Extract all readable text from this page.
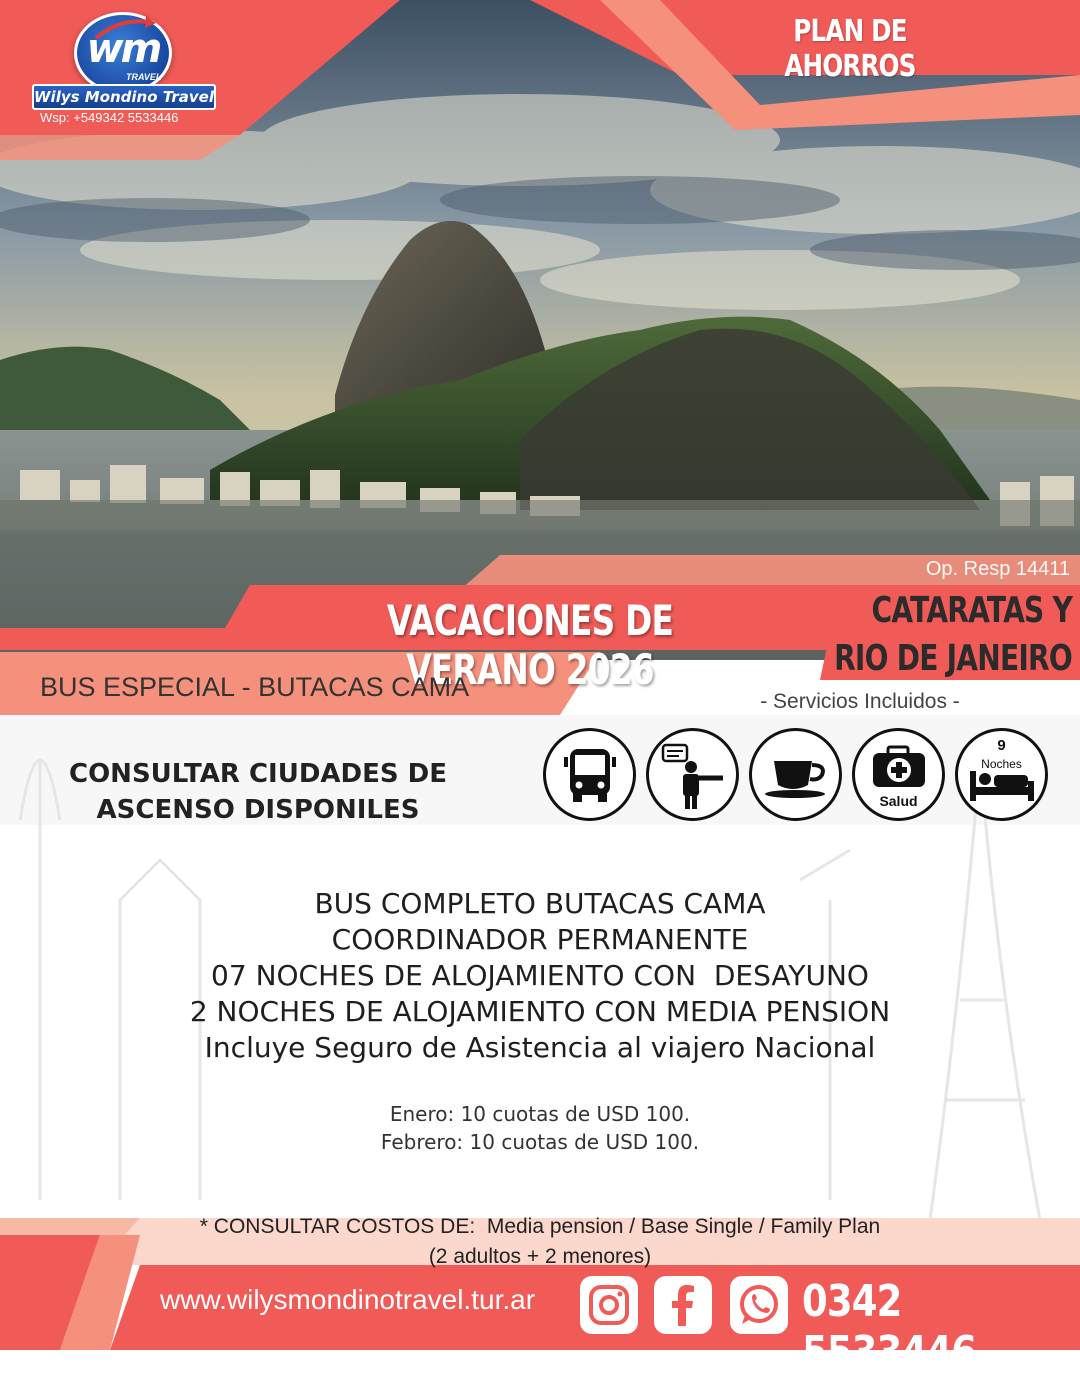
wm
TRAVEL
Wilys Mondino Travel
Wsp: +549342 5533446
PLAN DE AHORROS
Op. Resp 14411
VACACIONES DE VERANO 2026
CATARATAS Y
RIO DE JANEIRO
BUS ESPECIAL - BUTACAS CAMA	- Servicios Incluidos -
CONSULTAR CIUDADES DE
ASCENSO DISPONILES	Salud
9
Noches
BUS COMPLETO BUTACAS CAMA
COORDINADOR PERMANENTE
07 NOCHES DE ALOJAMIENTO CON  DESAYUNO
2 NOCHES DE ALOJAMIENTO CON MEDIA PENSION
Incluye Seguro de Asistencia al viajero Nacional
Enero: 10 cuotas de USD 100.
Febrero: 10 cuotas de USD 100.
* CONSULTAR COSTOS DE:  Media pension / Base Single / Family Plan
(2 adultos + 2 menores)
www.wilysmondinotravel.tur.ar	0342 5533446
